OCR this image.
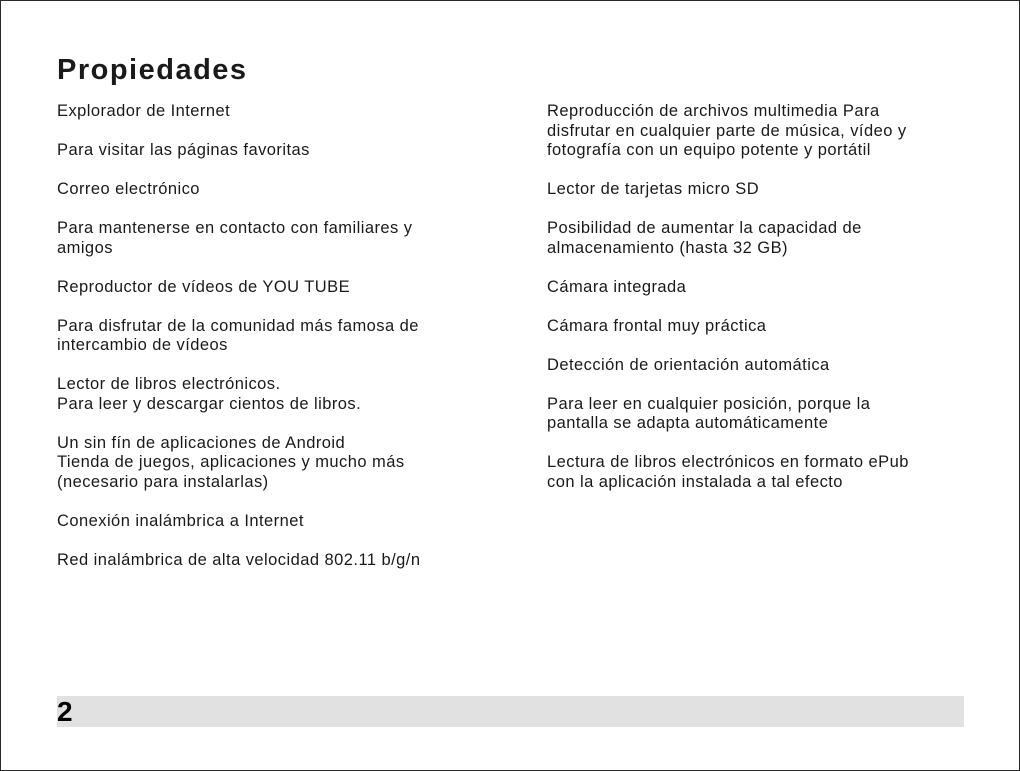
Propiedades
Explorador de Internet
Para visitar las páginas favoritas
Correo electrónico
Para mantenerse en contacto con familiares y
amigos
Reproductor de vídeos de YOU TUBE
Para disfrutar de la comunidad más famosa de
intercambio de vídeos
Lector de libros electrónicos.
Para leer y descargar cientos de libros.
Un sin fín de aplicaciones de Android
Tienda de juegos, aplicaciones y mucho más
(necesario para instalarlas)
Conexión inalámbrica a Internet
Red inalámbrica de alta velocidad 802.11 b/g/n
Reproducción de archivos multimedia Para
disfrutar en cualquier parte de música, vídeo y
fotografía con un equipo potente y portátil
Lector de tarjetas micro SD
Posibilidad de aumentar la capacidad de
almacenamiento (hasta 32 GB)
Cámara integrada
Cámara frontal muy práctica
Detección de orientación automática
Para leer en cualquier posición, porque la
pantalla se adapta automáticamente
Lectura de libros electrónicos en formato ePub
con la aplicación instalada a tal efecto
2
